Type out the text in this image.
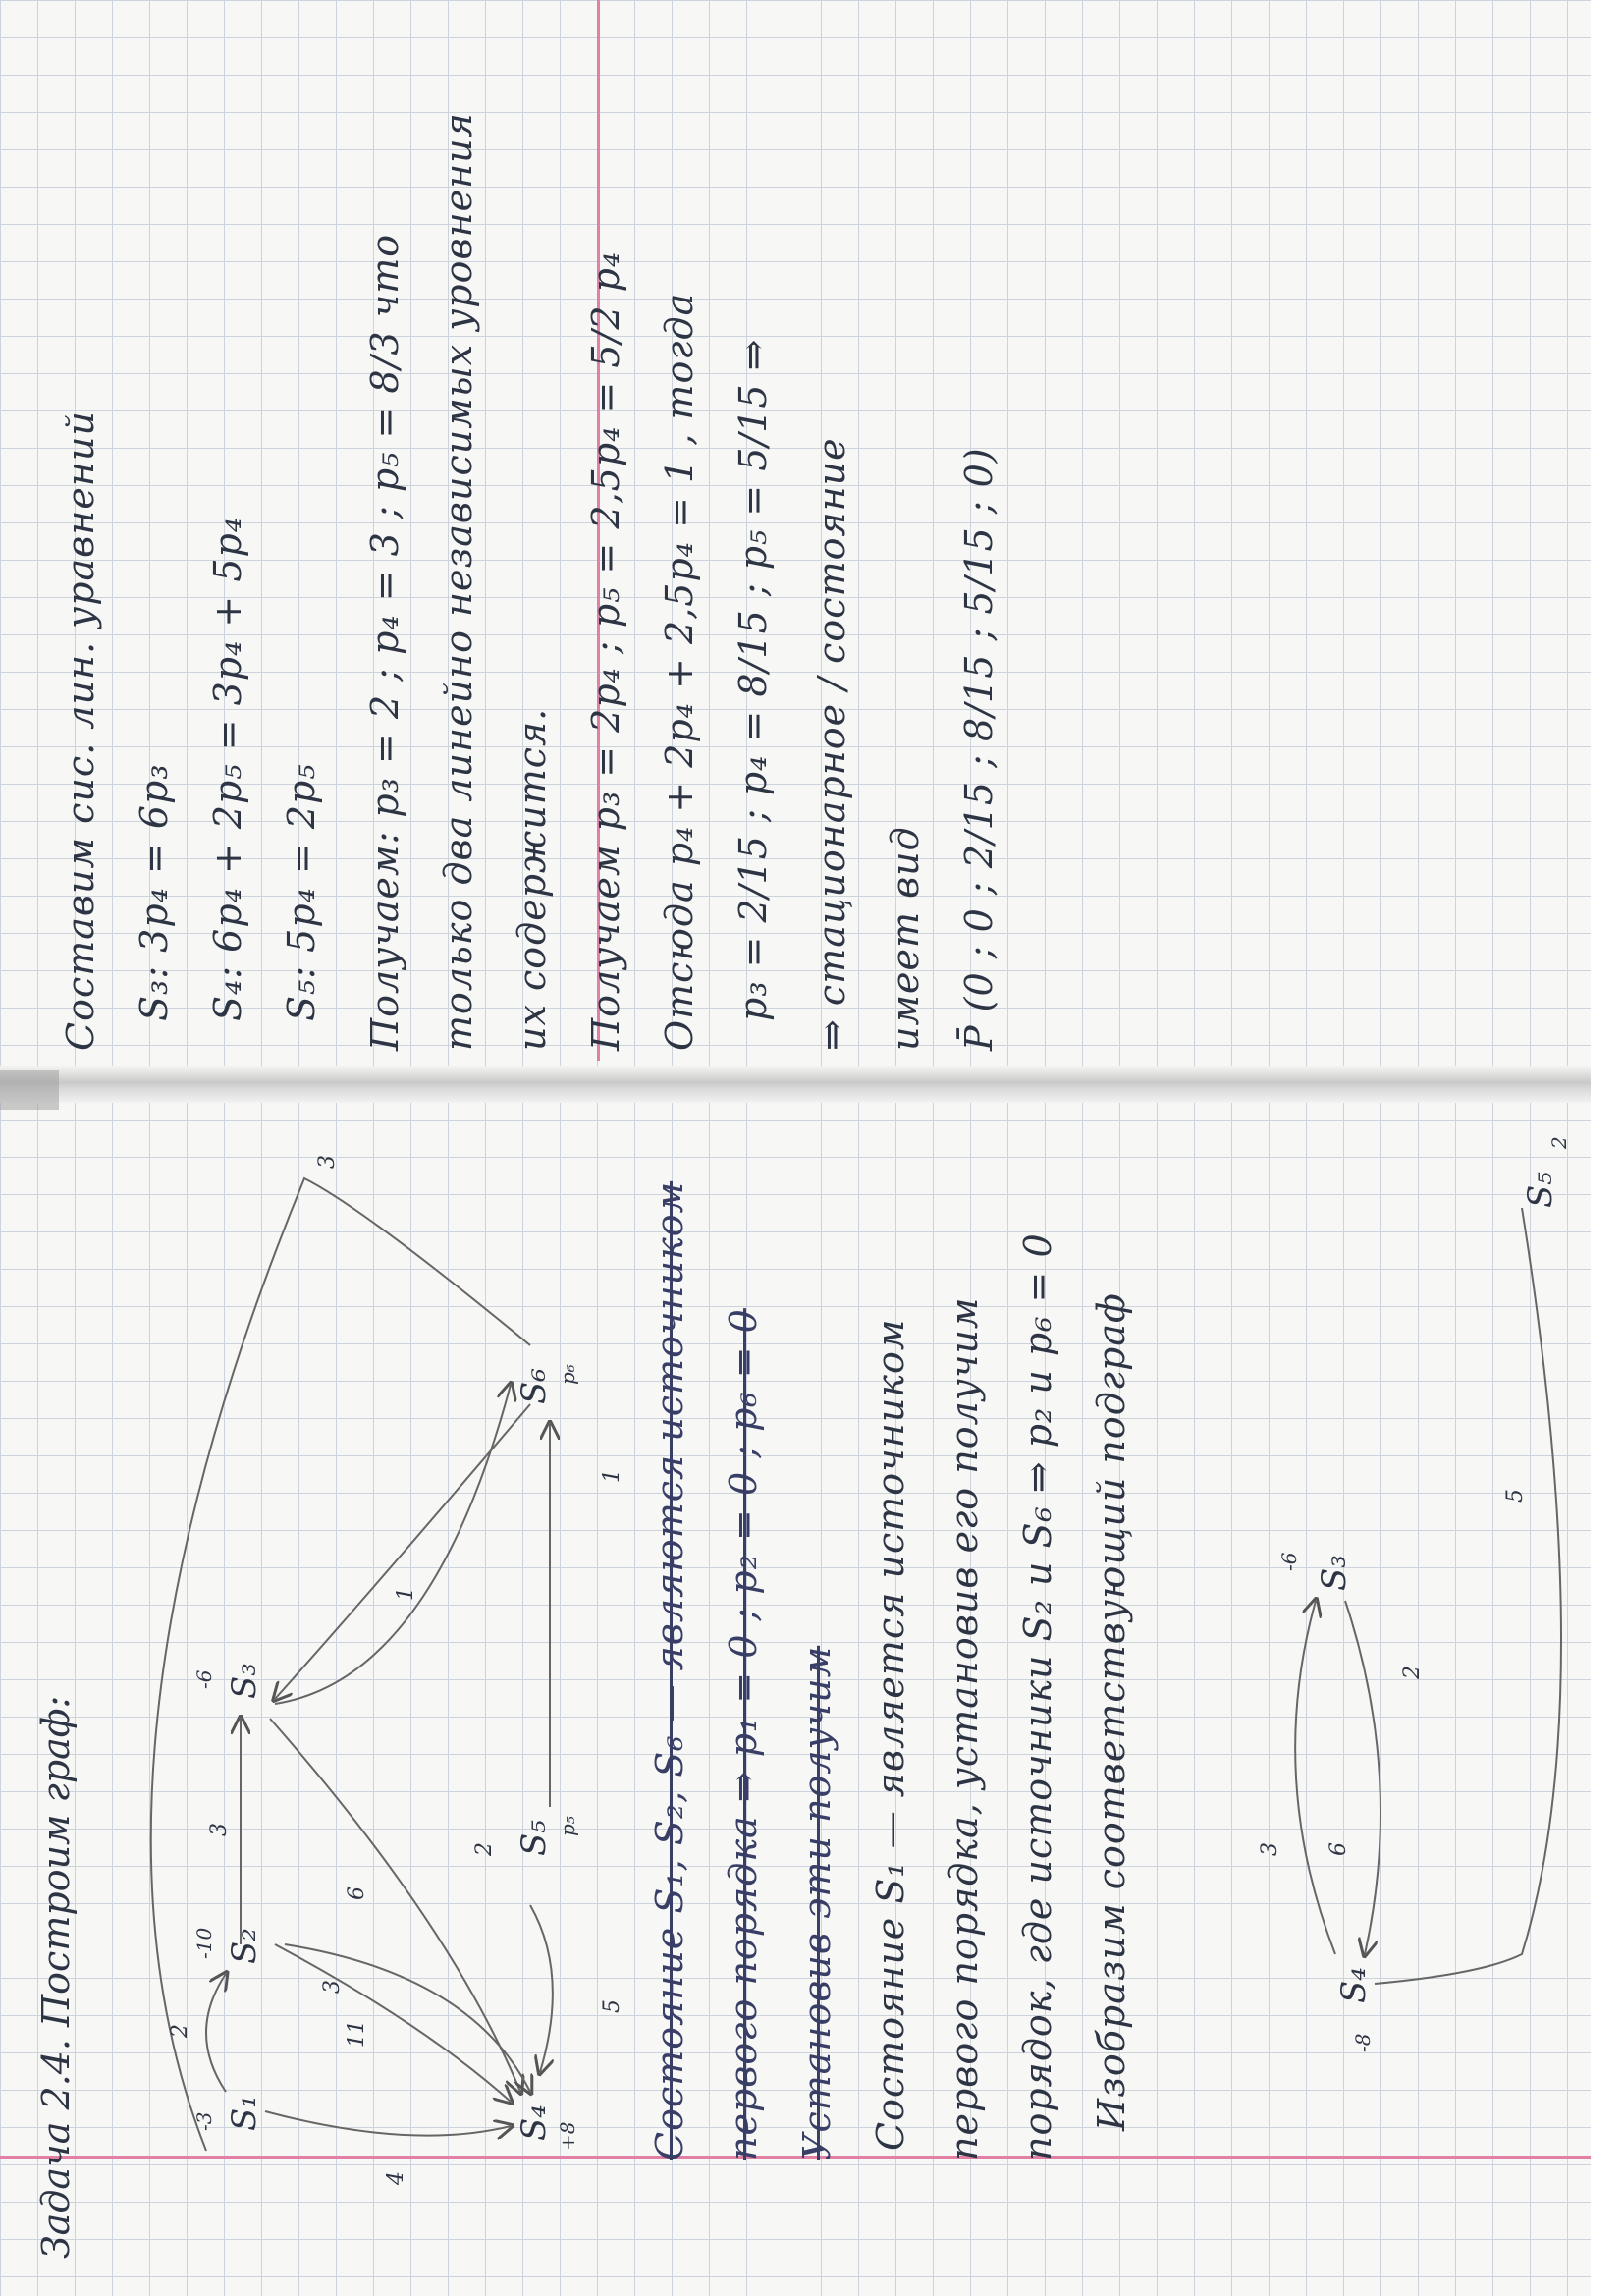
Составим сис. лин. уравнений S₃: 3p₄ = 6p₃ S₄: 6p₄ + 2p₅ = 3p₄ + 5p₄ S₅: 5p₄ = 2p₅ Получаем: p₃ = 2 ; p₄ = 3 ; p₅ = 8/3 что только два линейно независимых уровнения их содержится. Получаем p₃ = 2p₄ ; p₅ = 2,5p₄ = 5/2 p₄ Отсюда p₄ + 2p₄ + 2,5p₄ = 1 , тогда p₃ = 2/15 ; p₄ = 8/15 ; p₅ = 5/15 ⇒ ⇒ стационарное / состояние имеет вид P̄ (0 ; 0 ; 2/15 ; 8/15 ; 5/15 ; 0)
Задача 2.4. Построим граф:	S₁
S₂
S₃
S₄
S₅
S₆
-3
-10
-6
+8
p₅
p₆
2
3
4
3
11
6
2
1
5
3
1 Состояние S₁, S₂, S₆ — являются источником первого порядка ⇒ p₁ = 0 ; p₂ = 0 ; p₆ = 0 Установив эти получим Состояние S₁ — является источником первого порядка, установив его получим порядок, где источники S₂ и S₆ ⇒ p₂ и p₆ = 0 Изобразим соответствующий подграф	S₃
S₄
S₅
-6
-8
2
3 6
2
5
